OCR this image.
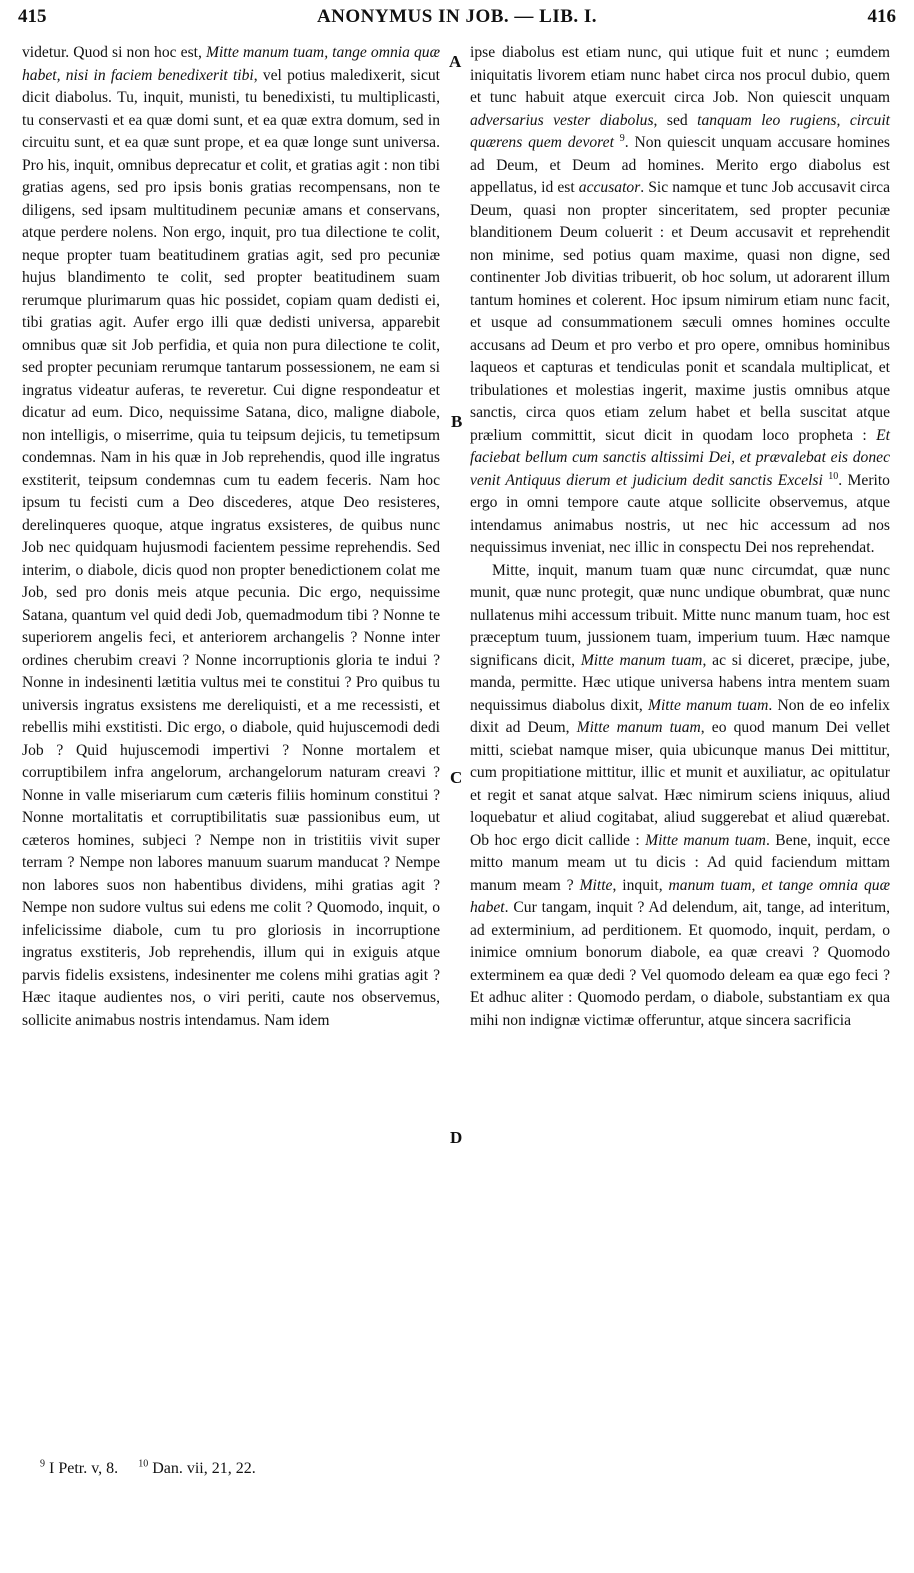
415	ANONYMUS IN JOB. — LIB. I.	416

videtur. Quod si non hoc est, Mitte manum tuam, tange omnia quæ habet, nisi in faciem benedixerit tibi, vel potius maledixerit, sicut dicit diabolus. Tu, inquit, munisti, tu benedixisti, tu multiplicasti, tu conservasti et ea quæ domi sunt, et ea quæ extra domum, sed in circuitu sunt, et ea quæ sunt prope, et ea quæ longe sunt universa. Pro his, inquit, omnibus deprecatur et colit, et gratias agit : non tibi gratias agens, sed pro ipsis bonis gratias recompensans, non te diligens, sed ipsam multitudinem pecuniæ amans et conservans, atque perdere nolens. Non ergo, inquit, pro tua dilectione te colit, neque propter tuam beatitudinem gratias agit, sed pro pecuniæ hujus blandimento te colit, sed propter beatitudinem suam rerumque plurimarum quas hic possidet, copiam quam dedisti ei, tibi gratias agit. Aufer ergo illi quæ dedisti universa, apparebit omnibus quæ sit Job perfidia, et quia non pura dilectione te colit, sed propter pecuniam rerumque tantarum possessionem, ne eam si ingratus videatur auferas, te reveretur. Cui digne respondeatur et dicatur ad eum. Dico, nequissime Satana, dico, maligne diabole, non intelligis, o miserrime, quia tu teipsum dejicis, tu temetipsum condemnas. Nam in his quæ in Job reprehendis, quod ille ingratus exstiterit, teipsum condemnas cum tu eadem feceris. Nam hoc ipsum tu fecisti cum a Deo discederes, atque Deo resisteres, derelinqueres quoque, atque ingratus exsisteres, de quibus nunc Job nec quidquam hujusmodi facientem pessime reprehendis. Sed interim, o diabole, dicis quod non propter benedictionem colat me Job, sed pro donis meis atque pecunia. Dic ergo, nequissime Satana, quantum vel quid dedi Job, quemadmodum tibi ? Nonne te superiorem angelis feci, et anteriorem archangelis ? Nonne inter ordines cherubim creavi ? Nonne incorruptionis gloria te indui ? Nonne in indesinenti lætitia vultus mei te constitui ? Pro quibus tu universis ingratus exsistens me dereliquisti, et a me recessisti, et rebellis mihi exstitisti. Dic ergo, o diabole, quid hujuscemodi dedi Job ? Quid hujuscemodi impertivi ? Nonne mortalem et corruptibilem infra angelorum, archangelorum naturam creavi ? Nonne in valle miseriarum cum cæteris filiis hominum constitui ? Nonne mortalitatis et corruptibilitatis suæ passionibus eum, ut cæteros homines, subjeci ? Nempe non in tristitiis vivit super terram ? Nempe non labores manuum suarum manducat ? Nempe non labores suos non habentibus dividens, mihi gratias agit ? Nempe non sudore vultus sui edens me colit ? Quomodo, inquit, o infelicissime diabole, cum tu pro gloriosis in incorruptione ingratus exstiteris, Job reprehendis, illum qui in exiguis atque parvis fidelis exsistens, indesinenter me colens mihi gratias agit ? Hæc itaque audientes nos, o viri periti, caute nos observemus, sollicite animabus nostris intendamus. Nam idem

ipse diabolus est etiam nunc, qui utique fuit et nunc ; eumdem iniquitatis livorem etiam nunc habet circa nos procul dubio, quem et tunc habuit atque exercuit circa Job. Non quiescit unquam adversarius vester diabolus, sed tanquam leo rugiens, circuit quærens quem devoret $^9$. Non quiescit unquam accusare homines ad Deum, et Deum ad homines. Merito ergo diabolus est appellatus, id est accusator. Sic namque et tunc Job accusavit circa Deum, quasi non propter sinceritatem, sed propter pecuniæ blanditionem Deum coluerit : et Deum accusavit et reprehendit non minime, sed potius quam maxime, quasi non digne, sed continenter Job divitias tribuerit, ob hoc solum, ut adorarent illum tantum homines et colerent. Hoc ipsum nimirum etiam nunc facit, et usque ad consummationem sæculi omnes homines occulte accusans ad Deum et pro verbo et pro opere, omnibus hominibus laqueos et capturas et tendiculas ponit et scandala multiplicat, et tribulationes et molestias ingerit, maxime justis omnibus atque sanctis, circa quos etiam zelum habet et bella suscitat atque prælium committit, sicut dicit in quodam loco propheta : Et faciebat bellum cum sanctis altissimi Dei, et prævalebat eis donec venit Antiquus dierum et judicium dedit sanctis Excelsi $^{10}$. Merito ergo in omni tempore caute atque sollicite observemus, atque intendamus animabus nostris, ut nec hic accessum ad nos nequissimus inveniat, nec illic in conspectu Dei nos reprehendat.

Mitte, inquit, manum tuam quæ nunc circumdat, quæ nunc munit, quæ nunc protegit, quæ nunc undique obumbrat, quæ nunc nullatenus mihi accessum tribuit. Mitte nunc manum tuam, hoc est præceptum tuum, jussionem tuam, imperium tuum. Hæc namque significans dicit, Mitte manum tuam, ac si diceret, præcipe, jube, manda, permitte. Hæc utique universa habens intra mentem suam nequissimus diabolus dixit, Mitte manum tuam. Non de eo infelix dixit ad Deum, Mitte manum tuam, eo quod manum Dei vellet mitti, sciebat namque miser, quia ubicunque manus Dei mittitur, cum propitiatione mittitur, illic et munit et auxiliatur, ac opitulatur et regit et sanat atque salvat. Hæc nimirum sciens iniquus, aliud loquebatur et aliud cogitabat, aliud suggerebat et aliud quærebat. Ob hoc ergo dicit callide : Mitte manum tuam. Bene, inquit, ecce mitto manum meam ut tu dicis : Ad quid faciendum mittam manum meam ? Mitte, inquit, manum tuam, et tange omnia quæ habet. Cur tangam, inquit ? Ad delendum, ait, tange, ad interitum, ad exterminium, ad perditionem. Et quomodo, inquit, perdam, o inimice omnium bonorum diabole, ea quæ creavi ? Quomodo exterminem ea quæ dedi ? Vel quomodo deleam ea quæ ego feci ? Et adhuc aliter : Quomodo perdam, o diabole, substantiam ex qua mihi non indignæ victimæ offeruntur, atque sincera sacrificia

A
B
C
D
$^9$ I Petr. v, 8. $^{10}$ Dan. vii, 21, 22.
